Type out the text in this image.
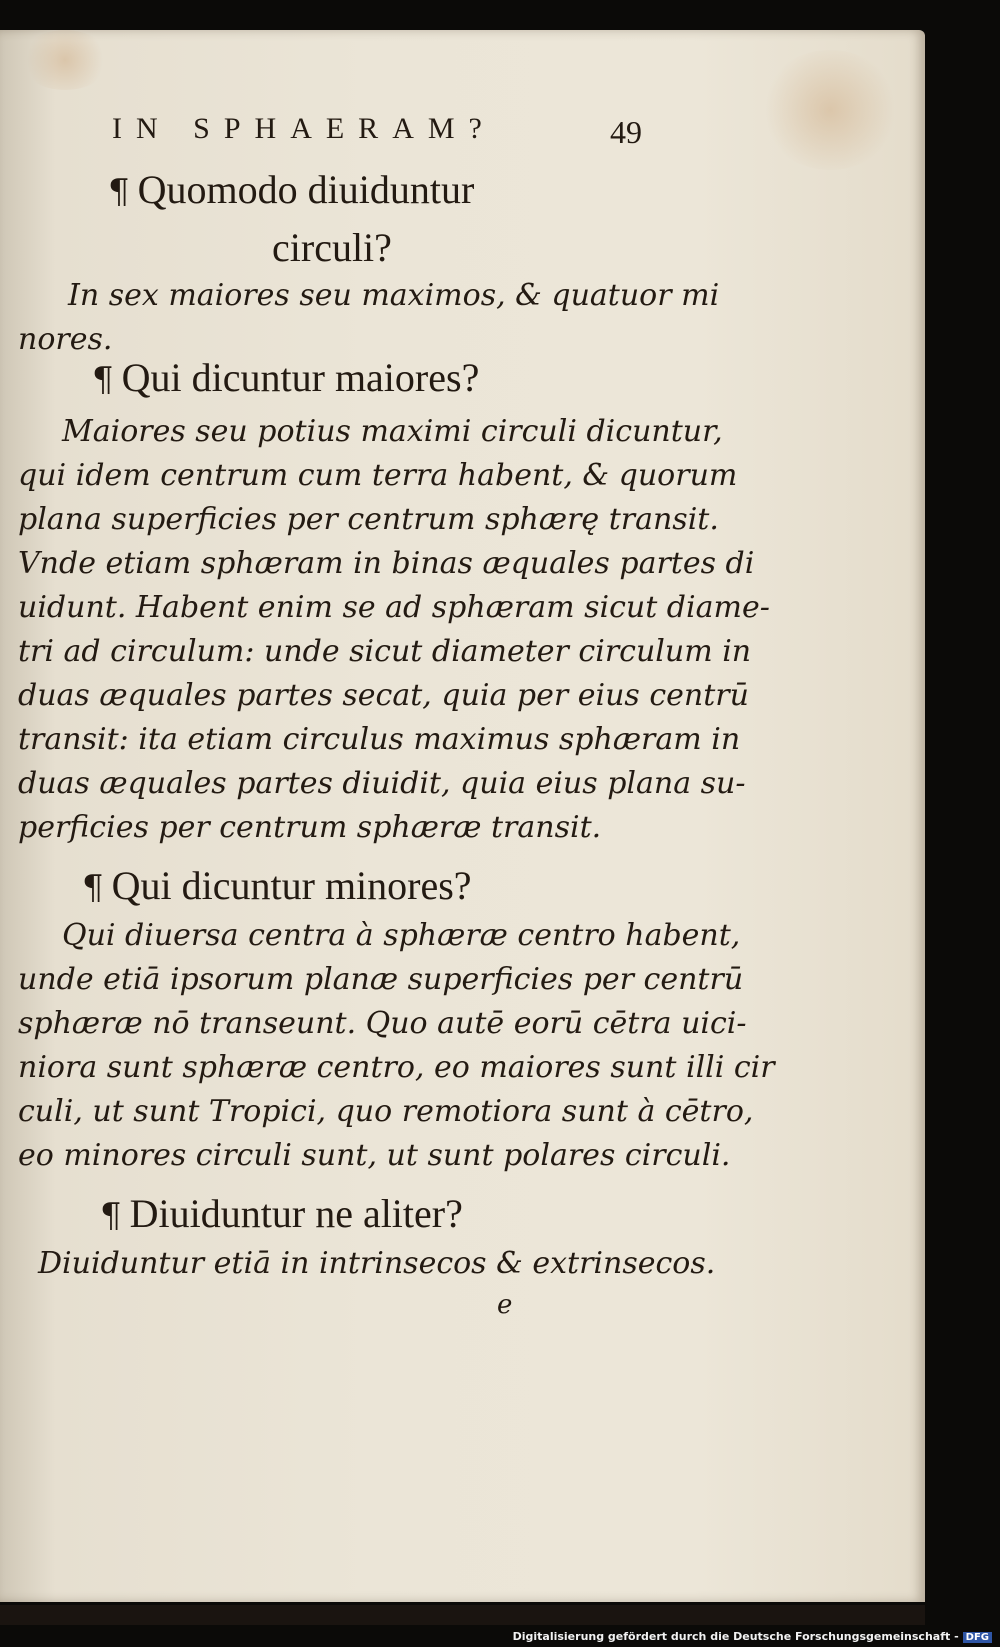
IN SPHAERAM?	49
¶ Quomodo diuiduntur
circuli?
In sex maiores seu maximos, & quatuor mi
nores.
¶ Qui dicuntur maiores?
Maiores seu potius maximi circuli dicuntur,
qui idem centrum cum terra habent, & quorum
plana superficies per centrum sphærę transit.
Vnde etiam sphæram in binas æquales partes di
uidunt. Habent enim se ad sphæram sicut diame-
tri ad circulum: unde sicut diameter circulum in
duas æquales partes secat, quia per eius centrū
transit: ita etiam circulus maximus sphæram in
duas æquales partes diuidit, quia eius plana su-
perficies per centrum sphæræ transit.
¶ Qui dicuntur minores?
Qui diuersa centra à sphæræ centro habent,
unde etiā ipsorum planæ superficies per centrū
sphæræ nō transeunt. Quo autē eorū cētra uici-
niora sunt sphæræ centro, eo maiores sunt illi cir
culi, ut sunt Tropici, quo remotiora sunt à cētro,
eo minores circuli sunt, ut sunt polares circuli.
¶ Diuiduntur ne aliter?
Diuiduntur etiā in intrinsecos & extrinsecos.
e
Digitalisierung gefördert durch die Deutsche Forschungsgemeinschaft - DFG
